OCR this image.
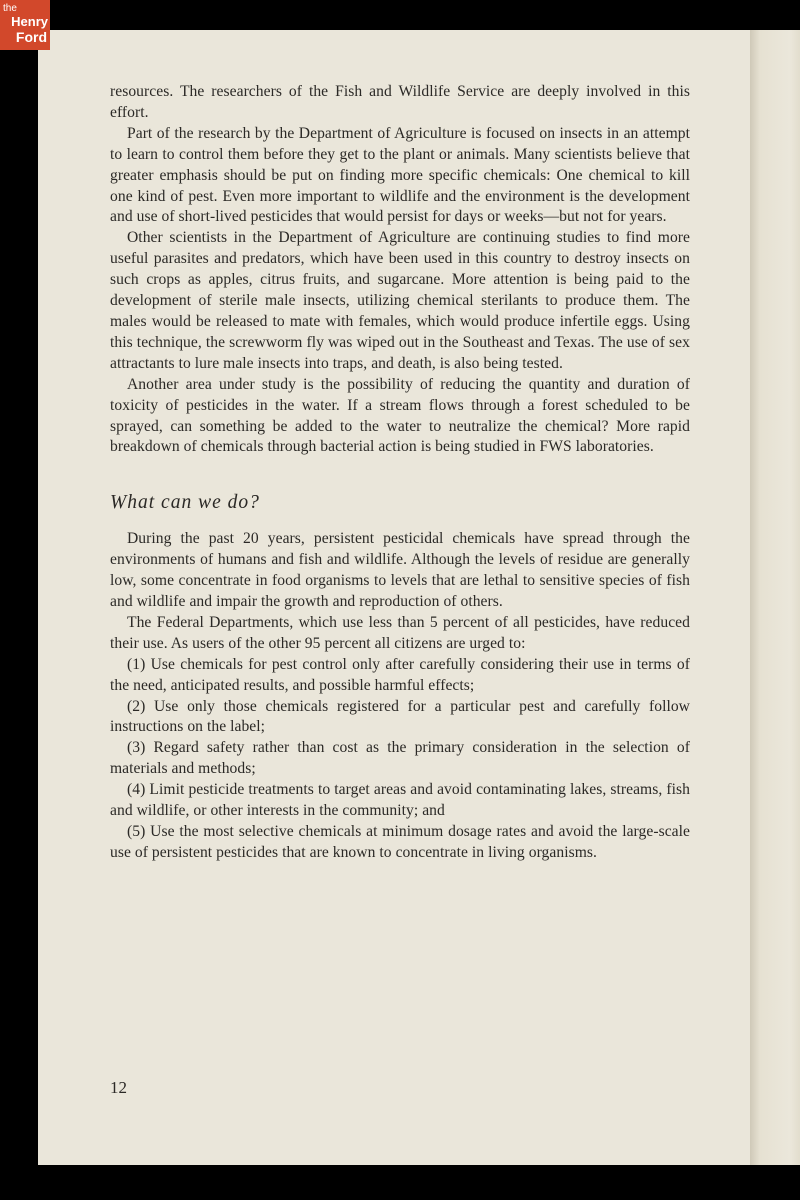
the
Henry
Ford

resources. The researchers of the Fish and Wildlife Service are deeply involved in this effort.

Part of the research by the Department of Agriculture is focused on insects in an attempt to learn to control them before they get to the plant or animals. Many scientists believe that greater emphasis should be put on finding more specific chemicals: One chemical to kill one kind of pest. Even more important to wildlife and the environment is the development and use of short-lived pesticides that would persist for days or weeks—but not for years.

Other scientists in the Department of Agriculture are continuing studies to find more useful parasites and predators, which have been used in this country to destroy insects on such crops as apples, citrus fruits, and sugarcane. More attention is being paid to the development of sterile male insects, utilizing chemical sterilants to produce them. The males would be released to mate with females, which would produce infertile eggs. Using this technique, the screwworm fly was wiped out in the Southeast and Texas. The use of sex attractants to lure male insects into traps, and death, is also being tested.

Another area under study is the possibility of reducing the quantity and duration of toxicity of pesticides in the water. If a stream flows through a forest scheduled to be sprayed, can something be added to the water to neutralize the chemical? More rapid breakdown of chemicals through bacterial action is being studied in FWS laboratories.

What can we do?

During the past 20 years, persistent pesticidal chemicals have spread through the environments of humans and fish and wildlife. Although the levels of residue are generally low, some concentrate in food organisms to levels that are lethal to sensitive species of fish and wildlife and impair the growth and reproduction of others.

The Federal Departments, which use less than 5 percent of all pesticides, have reduced their use. As users of the other 95 percent all citizens are urged to:

(1) Use chemicals for pest control only after carefully considering their use in terms of the need, anticipated results, and possible harmful effects;

(2) Use only those chemicals registered for a particular pest and carefully follow instructions on the label;

(3) Regard safety rather than cost as the primary consideration in the selection of materials and methods;

(4) Limit pesticide treatments to target areas and avoid contaminating lakes, streams, fish and wildlife, or other interests in the community; and

(5) Use the most selective chemicals at minimum dosage rates and avoid the large-scale use of persistent pesticides that are known to concentrate in living organisms.

12
